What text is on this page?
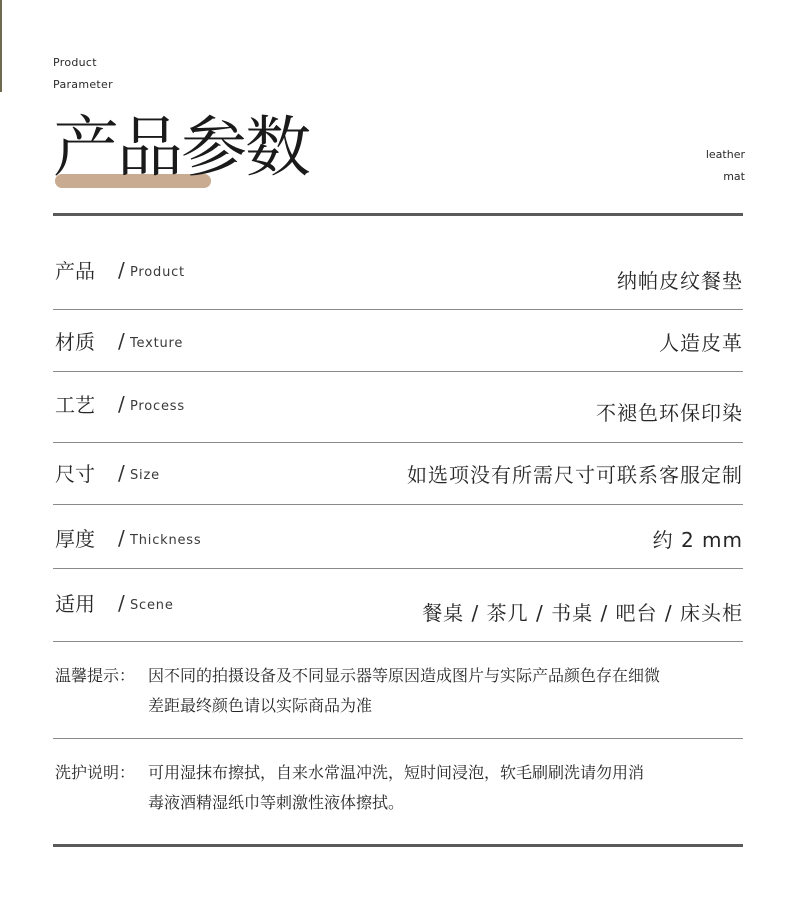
Product
Parameter
产品参数	leather
mat
产品 / Product	纳帕皮纹餐垫
材质 / Texture	人造皮革
工艺 / Process	不褪色环保印染
尺寸 / Size	如选项没有所需尺寸可联系客服定制
厚度 / Thickness	约 2 mm
适用 / Scene	餐桌 / 茶几 / 书桌 / 吧台 / 床头柜
温馨提示： 因不同的拍摄设备及不同显示器等原因造成图片与实际产品颜色存在细微
差距最终颜色请以实际商品为准
洗护说明： 可用湿抹布擦拭，自来水常温冲洗，短时间浸泡，软毛刷刷洗请勿用消
毒液酒精湿纸巾等刺激性液体擦拭。
